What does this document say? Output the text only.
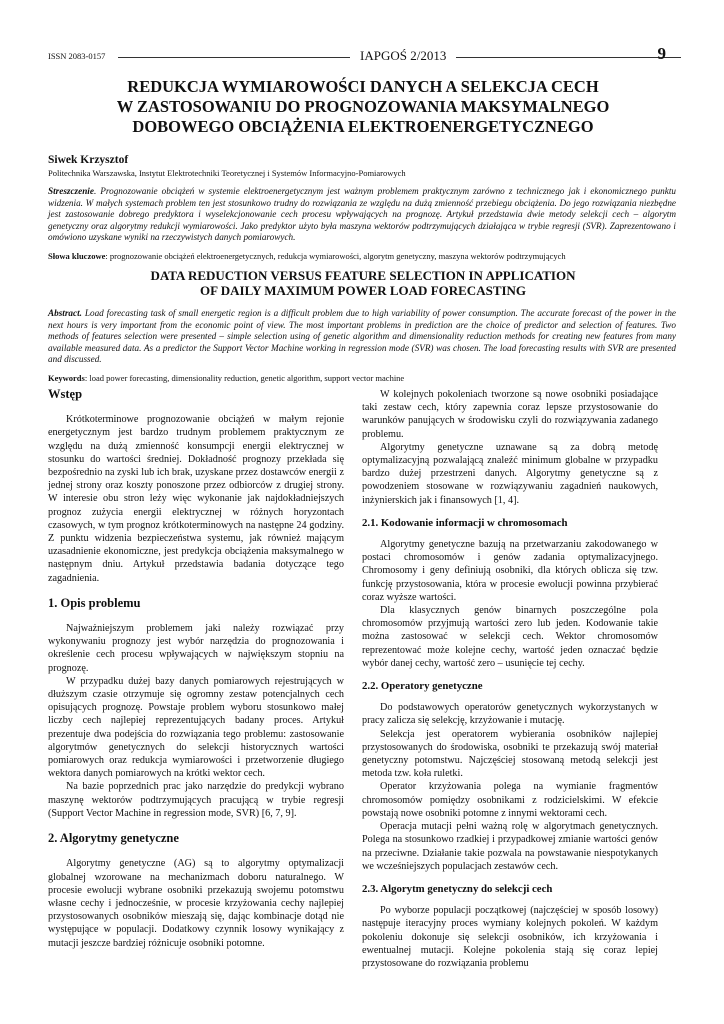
ISSN 2083-0157	IAPGOŚ 2/2013	9
REDUKCJA WYMIAROWOŚCI DANYCH A SELEKCJA CECH
W ZASTOSOWANIU DO PROGNOZOWANIA MAKSYMALNEGO
DOBOWEGO OBCIĄŻENIA ELEKTROENERGETYCZNEGO
Siwek Krzysztof
Politechnika Warszawska, Instytut Elektrotechniki Teoretycznej i Systemów Informacyjno-Pomiarowych
Streszczenie. Prognozowanie obciążeń w systemie elektroenergetycznym jest ważnym problemem praktycznym zarówno z technicznego jak i ekonomicznego punktu widzenia. W małych systemach problem ten jest stosunkowo trudny do rozwiązania ze względu na dużą zmienność przebiegu obciążenia. Do jego rozwiązania niezbędne jest zastosowanie dobrego predyktora i wyselekcjonowanie cech procesu wpływających na prognozę. Artykuł przedstawia dwie metody selekcji cech – algorytm genetyczny oraz algorytmy redukcji wymiarowości. Jako predyktor użyto była maszyna wektorów podtrzymujących działająca w trybie regresji (SVR). Zaprezentowano i omówiono uzyskane wyniki na rzeczywistych danych pomiarowych.
Słowa kluczowe: prognozowanie obciążeń elektroenergetycznych, redukcja wymiarowości, algorytm genetyczny, maszyna wektorów podtrzymujących
DATA REDUCTION VERSUS FEATURE SELECTION IN APPLICATION
OF DAILY MAXIMUM POWER LOAD FORECASTING
Abstract. Load forecasting task of small energetic region is a difficult problem due to high variability of power consumption. The accurate forecast of the power in the next hours is very important from the economic point of view. The most important problems in prediction are the choice of predictor and selection of features. Two methods of features selection were presented – simple selection using of genetic algorithm and dimensionality reduction methods for creating new features from many available measured data. As a predictor the Support Vector Machine working in regression mode (SVR) was chosen. The load forecasting results with SVR are presented and discussed.
Keywords: load power forecasting, dimensionality reduction, genetic algorithm, support vector machine
Wstęp

Krótkoterminowe prognozowanie obciążeń w małym rejonie energetycznym jest bardzo trudnym problemem praktycznym ze względu na dużą zmienność konsumpcji energii elektrycznej w stosunku do wartości średniej. Dokładność prognozy przekłada się bezpośrednio na zyski lub ich brak, uzyskane przez dostawców energii z jednej strony oraz koszty ponoszone przez odbiorców z drugiej strony. W interesie obu stron leży więc wykonanie jak najdokładniejszych prognoz zużycia energii elektrycznej w różnych horyzontach czasowych, w tym prognoz krótkoterminowych na następne 24 godziny. Z punktu widzenia bezpieczeństwa systemu, jak również mającym uzasadnienie ekonomiczne, jest predykcja obciążenia maksymalnego w następnym dniu. Artykuł przedstawia badania dotyczące tego zagadnienia.

1. Opis problemu

Najważniejszym problemem jaki należy rozwiązać przy wykonywaniu prognozy jest wybór narzędzia do prognozowania i określenie cech procesu wpływających w największym stopniu na prognozę.

W przypadku dużej bazy danych pomiarowych rejestrujących w dłuższym czasie otrzymuje się ogromny zestaw potencjalnych cech opisujących prognozę. Powstaje problem wyboru stosunkowo małej liczby cech najlepiej reprezentujących badany proces. Artykuł prezentuje dwa podejścia do rozwiązania tego problemu: zastosowanie algorytmów genetycznych do selekcji historycznych wartości pomiarowych oraz redukcja wymiarowości i przetworzenie długiego wektora danych pomiarowych na krótki wektor cech.

Na bazie poprzednich prac jako narzędzie do predykcji wybrano maszynę wektorów podtrzymujących pracującą w trybie regresji (Support Vector Machine in regression mode, SVR) [6, 7, 9].

2. Algorytmy genetyczne

Algorytmy genetyczne (AG) są to algorytmy optymalizacji globalnej wzorowane na mechanizmach doboru naturalnego. W procesie ewolucji wybrane osobniki przekazują swojemu potomstwu własne cechy i jednocześnie, w procesie krzyżowania cechy najlepiej przystosowanych osobników mieszają się, dając kombinacje dotąd nie występujące w populacji. Dodatkowy czynnik losowy wynikający z mutacji jeszcze bardziej różnicuje osobniki potomne.

W kolejnych pokoleniach tworzone są nowe osobniki posiadające taki zestaw cech, który zapewnia coraz lepsze przystosowanie do warunków panujących w środowisku czyli do rozwiązywania zadanego problemu.

Algorytmy genetyczne uznawane są za dobrą metodę optymalizacyjną pozwalającą znaleźć minimum globalne w przypadku bardzo dużej przestrzeni danych. Algorytmy genetyczne są z powodzeniem stosowane w rozwiązywaniu zagadnień naukowych, inżynierskich jak i finansowych [1, 4].

2.1. Kodowanie informacji w chromosomach

Algorytmy genetyczne bazują na przetwarzaniu zakodowanego w postaci chromosomów i genów zadania optymalizacyjnego. Chromosomy i geny definiują osobniki, dla których oblicza się tzw. funkcję przystosowania, która w procesie ewolucji powinna przybierać coraz wyższe wartości.

Dla klasycznych genów binarnych poszczególne pola chromosomów przyjmują wartości zero lub jeden. Kodowanie takie można zastosować w selekcji cech. Wektor chromosomów reprezentować może kolejne cechy, wartość jeden oznaczać będzie wybór danej cechy, wartość zero – usunięcie tej cechy.

2.2. Operatory genetyczne

Do podstawowych operatorów genetycznych wykorzystanych w pracy zalicza się selekcję, krzyżowanie i mutację.

Selekcja jest operatorem wybierania osobników najlepiej przystosowanych do środowiska, osobniki te przekazują swój materiał genetyczny potomstwu. Najczęściej stosowaną metodą selekcji jest metoda tzw. koła ruletki.

Operator krzyżowania polega na wymianie fragmentów chromosomów pomiędzy osobnikami z rodzicielskimi. W efekcie powstają nowe osobniki potomne z innymi wektorami cech.

Operacja mutacji pełni ważną rolę w algorytmach genetycznych. Polega na stosunkowo rzadkiej i przypadkowej zmianie wartości genów na przeciwne. Działanie takie pozwala na powstawanie niespotykanych we wcześniejszych populacjach zestawów cech.

2.3. Algorytm genetyczny do selekcji cech

Po wyborze populacji początkowej (najczęściej w sposób losowy) następuje iteracyjny proces wymiany kolejnych pokoleń. W każdym pokoleniu dokonuje się selekcji osobników, ich krzyżowania i ewentualnej mutacji. Kolejne pokolenia stają się coraz lepiej przystosowane do rozwiązania problemu
